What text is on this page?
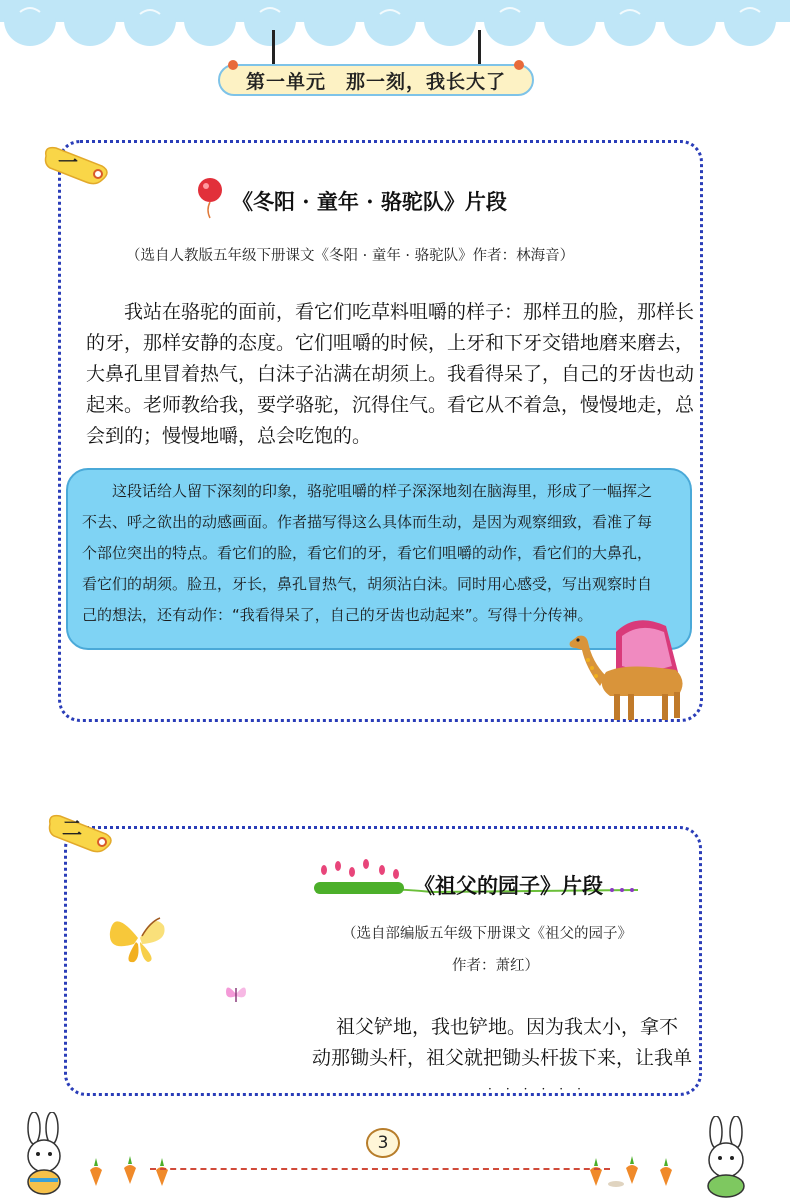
第一单元　那一刻，我长大了
一
《冬阳 · 童年 · 骆驼队》片段
（选自人教版五年级下册课文《冬阳 · 童年 · 骆驼队》作者：林海音）
　　我站在骆驼的面前，看它们吃草料咀嚼的样子：那样丑的脸，那样长
的牙，那样安静的态度。它们咀嚼的时候，上牙和下牙交错地磨来磨去，
大鼻孔里冒着热气，白沫子沾满在胡须上。我看得呆了，自己的牙齿也动
起来。老师教给我，要学骆驼，沉得住气。看它从不着急，慢慢地走，总
会到的；慢慢地嚼，总会吃饱的。
　　这段话给人留下深刻的印象，骆驼咀嚼的样子深深地刻在脑海里，形成了一幅挥之
不去、呼之欲出的动感画面。作者描写得这么具体而生动，是因为观察细致，看准了每
个部位突出的特点。看它们的脸，看它们的牙，看它们咀嚼的动作，看它们的大鼻孔，
看它们的胡须。脸丑，牙长，鼻孔冒热气，胡须沾白沫。同时用心感受，写出观察时自
己的想法，还有动作：“我看得呆了，自己的牙齿也动起来”。写得十分传神。
二
《祖父的园子》片段
（选自部编版五年级下册课文《祖父的园子》
作者：萧红）
祖父铲地，我也铲地。因为我太小，拿不
动那锄头杆，祖父就把锄头杆拔下来，让我单
······
3
